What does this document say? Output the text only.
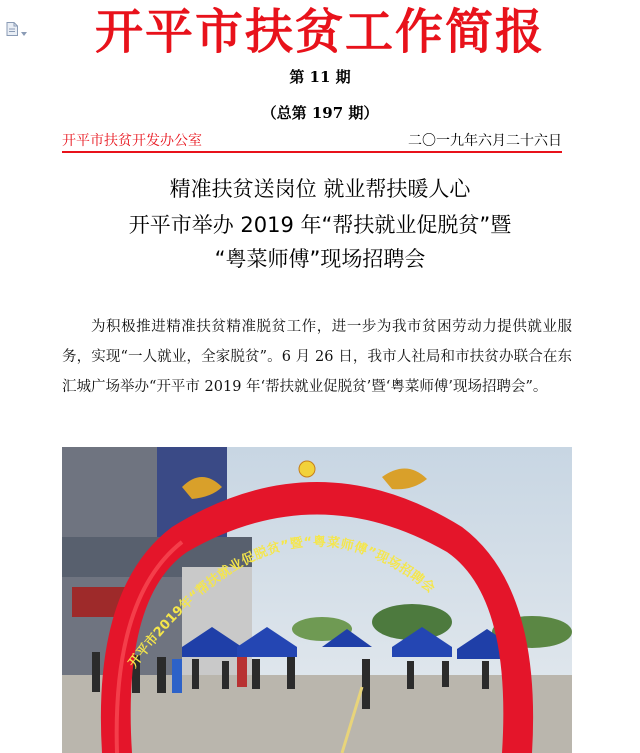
开平市扶贫工作简报
第 11 期
（总第 197 期）
开平市扶贫开发办公室	二〇一九年六月二十六日
精准扶贫送岗位 就业帮扶暖人心
开平市举办 2019 年“帮扶就业促脱贫”暨
“粤菜师傅”现场招聘会
为积极推进精准扶贫精准脱贫工作，进一步为我市贫困劳动力提供就业服务，实现“一人就业，全家脱贫”。6 月 26 日，我市人社局和市扶贫办联合在东汇城广场举办“开平市 2019 年‘帮扶就业促脱贫’暨‘粤菜师傅’现场招聘会”。
开平市2019年“帮扶就业促脱贫”暨“粤菜师傅”现场招聘会
